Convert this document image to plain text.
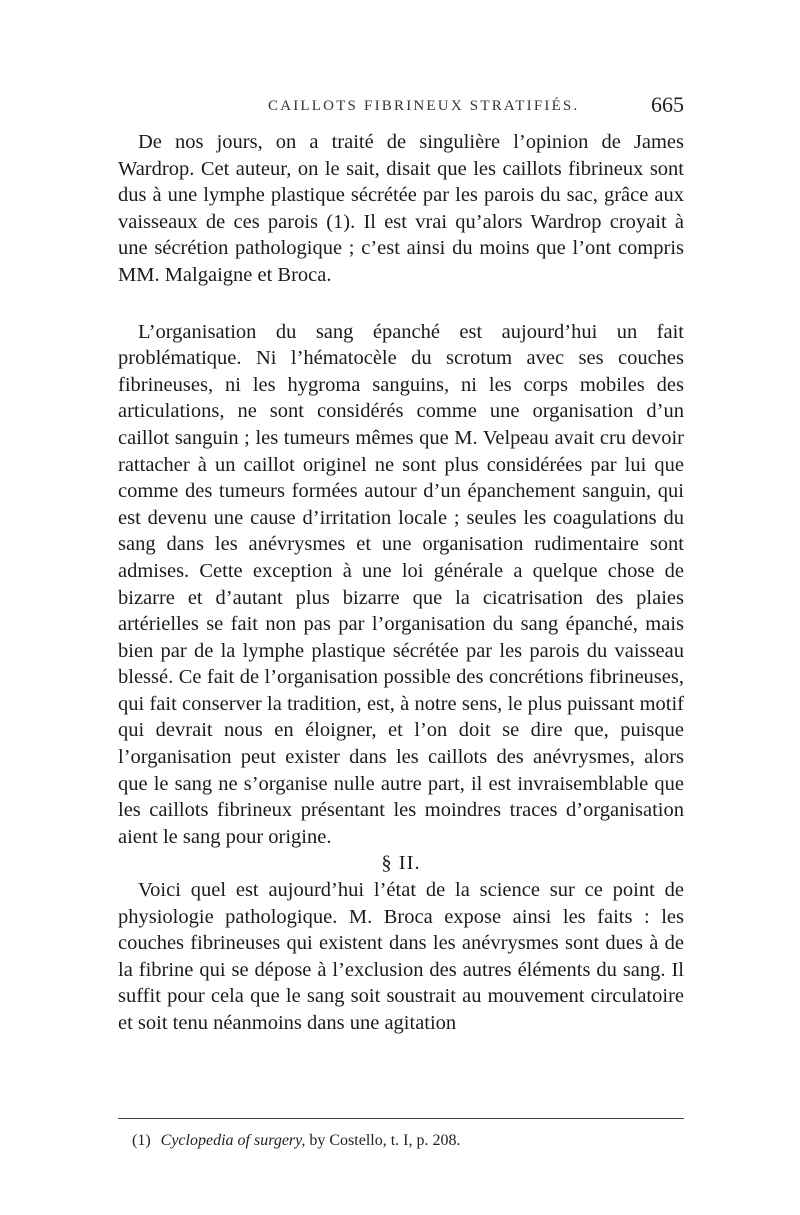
CAILLOTS FIBRINEUX STRATIFIÉS.	665

De nos jours, on a traité de singulière l’opinion de James Wardrop. Cet auteur, on le sait, disait que les caillots fibrineux sont dus à une lymphe plastique sécrétée par les parois du sac, grâce aux vaisseaux de ces parois (1). Il est vrai qu’alors Wardrop croyait à une sécrétion pathologique ; c’est ainsi du moins que l’ont compris MM. Malgaigne et Broca.

L’organisation du sang épanché est aujourd’hui un fait problématique. Ni l’hématocèle du scrotum avec ses couches fibrineuses, ni les hygroma sanguins, ni les corps mobiles des articulations, ne sont considérés comme une organisation d’un caillot sanguin ; les tumeurs mêmes que M. Velpeau avait cru devoir rattacher à un caillot originel ne sont plus considérées par lui que comme des tumeurs formées autour d’un épanchement sanguin, qui est devenu une cause d’irritation locale ; seules les coagulations du sang dans les anévrysmes et une organisation rudimentaire sont admises. Cette exception à une loi générale a quelque chose de bizarre et d’autant plus bizarre que la cicatrisation des plaies artérielles se fait non pas par l’organisation du sang épanché, mais bien par de la lymphe plastique sécrétée par les parois du vaisseau blessé. Ce fait de l’organisation possible des concrétions fibrineuses, qui fait conserver la tradition, est, à notre sens, le plus puissant motif qui devrait nous en éloigner, et l’on doit se dire que, puisque l’organisation peut exister dans les caillots des anévrysmes, alors que le sang ne s’organise nulle autre part, il est invraisemblable que les caillots fibrineux présentant les moindres traces d’organisation aient le sang pour origine.

§ II.

Voici quel est aujourd’hui l’état de la science sur ce point de physiologie pathologique. M. Broca expose ainsi les faits : les couches fibrineuses qui existent dans les anévrysmes sont dues à de la fibrine qui se dépose à l’exclusion des autres éléments du sang. Il suffit pour cela que le sang soit soustrait au mouvement circulatoire et soit tenu néanmoins dans une agitation

(1) Cyclopedia of surgery, by Costello, t. I, p. 208.
